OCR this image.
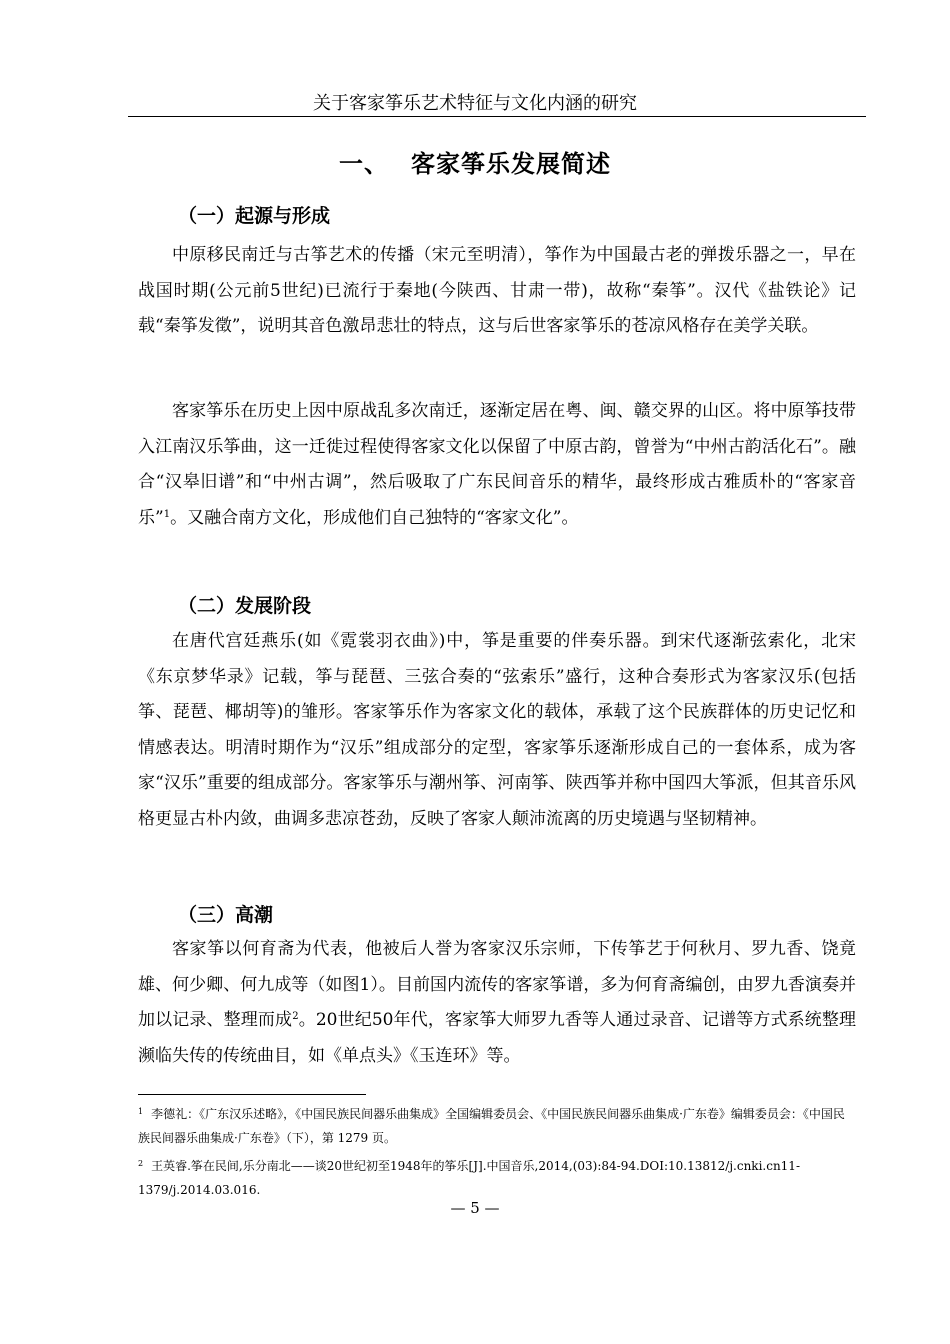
关于客家筝乐艺术特征与文化内涵的研究
一、 客家筝乐发展简述
（一）起源与形成

中原移民南迁与古筝艺术的传播（宋元至明清），筝作为中国最古老的弹拨乐器之一，早在战国时期(公元前5世纪)已流行于秦地(今陕西、甘肃一带)，故称“秦筝”。汉代《盐铁论》记载“秦筝发徵”，说明其音色激昂悲壮的特点，这与后世客家筝乐的苍凉风格存在美学关联。

客家筝乐在历史上因中原战乱多次南迁，逐渐定居在粤、闽、赣交界的山区。将中原筝技带入江南汉乐筝曲，这一迁徙过程使得客家文化以保留了中原古韵，曾誉为“中州古韵活化石”。融合“汉皋旧谱”和“中州古调”，然后吸取了广东民间音乐的精华，最终形成古雅质朴的“客家音乐”$^1$。又融合南方文化，形成他们自己独特的“客家文化”。

（二）发展阶段

在唐代宫廷燕乐(如《霓裳羽衣曲》)中，筝是重要的伴奏乐器。到宋代逐渐弦索化，北宋《东京梦华录》记载，筝与琵琶、三弦合奏的“弦索乐”盛行，这种合奏形式为客家汉乐(包括筝、琵琶、椰胡等)的雏形。客家筝乐作为客家文化的载体，承载了这个民族群体的历史记忆和情感表达。明清时期作为“汉乐”组成部分的定型，客家筝乐逐渐形成自己的一套体系，成为客家“汉乐”重要的组成部分。客家筝乐与潮州筝、河南筝、陕西筝并称中国四大筝派，但其音乐风格更显古朴内敛，曲调多悲凉苍劲，反映了客家人颠沛流离的历史境遇与坚韧精神。

（三）高潮

客家筝以何育斋为代表，他被后人誉为客家汉乐宗师，下传筝艺于何秋月、罗九香、饶竟雄、何少卿、何九成等（如图1）。目前国内流传的客家筝谱，多为何育斋编创，由罗九香演奏并加以记录、整理而成$^2$。20世纪50年代，客家筝大师罗九香等人通过录音、记谱等方式系统整理濒临失传的传统曲目，如《单点头》《玉连环》等。

$^1$ 李德礼：《广东汉乐述略》，《中国民族民间器乐曲集成》全国编辑委员会、《中国民族民间器乐曲集成·广东卷》编辑委员会：《中国民族民间器乐曲集成·广东卷》（下），第 1279 页。

$^2$ 王英睿.筝在民间,乐分南北——谈20世纪初至1948年的筝乐[J].中国音乐,2014,(03):84-94.DOI:10.13812/j.cnki.cn11-1379/j.2014.03.016.

— 5 —
